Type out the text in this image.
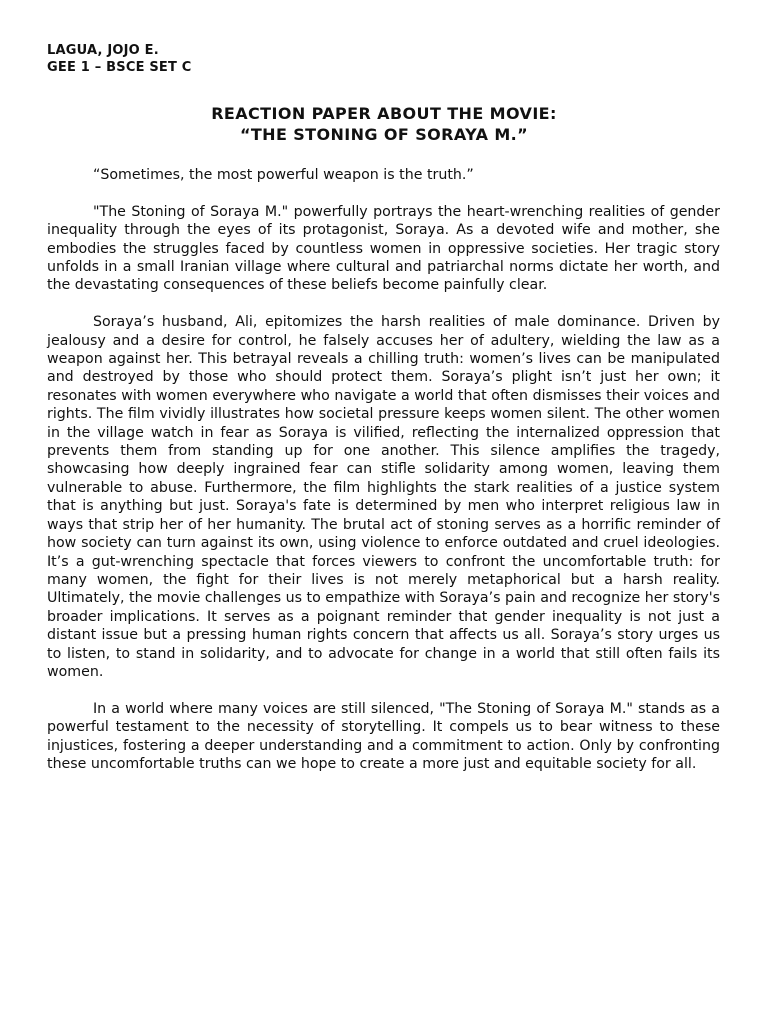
LAGUA, JOJO E.
GEE 1 – BSCE SET C
REACTION PAPER ABOUT THE MOVIE:
“THE STONING OF SORAYA M.”

“Sometimes, the most powerful weapon is the truth.”

"The Stoning of Soraya M." powerfully portrays the heart-wrenching realities of gender inequality through the eyes of its protagonist, Soraya. As a devoted wife and mother, she embodies the struggles faced by countless women in oppressive societies. Her tragic story unfolds in a small Iranian village where cultural and patriarchal norms dictate her worth, and the devastating consequences of these beliefs become painfully clear.

Soraya’s husband, Ali, epitomizes the harsh realities of male dominance. Driven by jealousy and a desire for control, he falsely accuses her of adultery, wielding the law as a weapon against her. This betrayal reveals a chilling truth: women’s lives can be manipulated and destroyed by those who should protect them. Soraya’s plight isn’t just her own; it resonates with women everywhere who navigate a world that often dismisses their voices and rights. The film vividly illustrates how societal pressure keeps women silent. The other women in the village watch in fear as Soraya is vilified, reflecting the internalized oppression that prevents them from standing up for one another. This silence amplifies the tragedy, showcasing how deeply ingrained fear can stifle solidarity among women, leaving them vulnerable to abuse. Furthermore, the film highlights the stark realities of a justice system that is anything but just. Soraya's fate is determined by men who interpret religious law in ways that strip her of her humanity. The brutal act of stoning serves as a horrific reminder of how society can turn against its own, using violence to enforce outdated and cruel ideologies. It’s a gut-wrenching spectacle that forces viewers to confront the uncomfortable truth: for many women, the fight for their lives is not merely metaphorical but a harsh reality. Ultimately, the movie challenges us to empathize with Soraya’s pain and recognize her story's broader implications. It serves as a poignant reminder that gender inequality is not just a distant issue but a pressing human rights concern that affects us all. Soraya’s story urges us to listen, to stand in solidarity, and to advocate for change in a world that still often fails its women.

In a world where many voices are still silenced, "The Stoning of Soraya M." stands as a powerful testament to the necessity of storytelling. It compels us to bear witness to these injustices, fostering a deeper understanding and a commitment to action. Only by confronting these uncomfortable truths can we hope to create a more just and equitable society for all.
